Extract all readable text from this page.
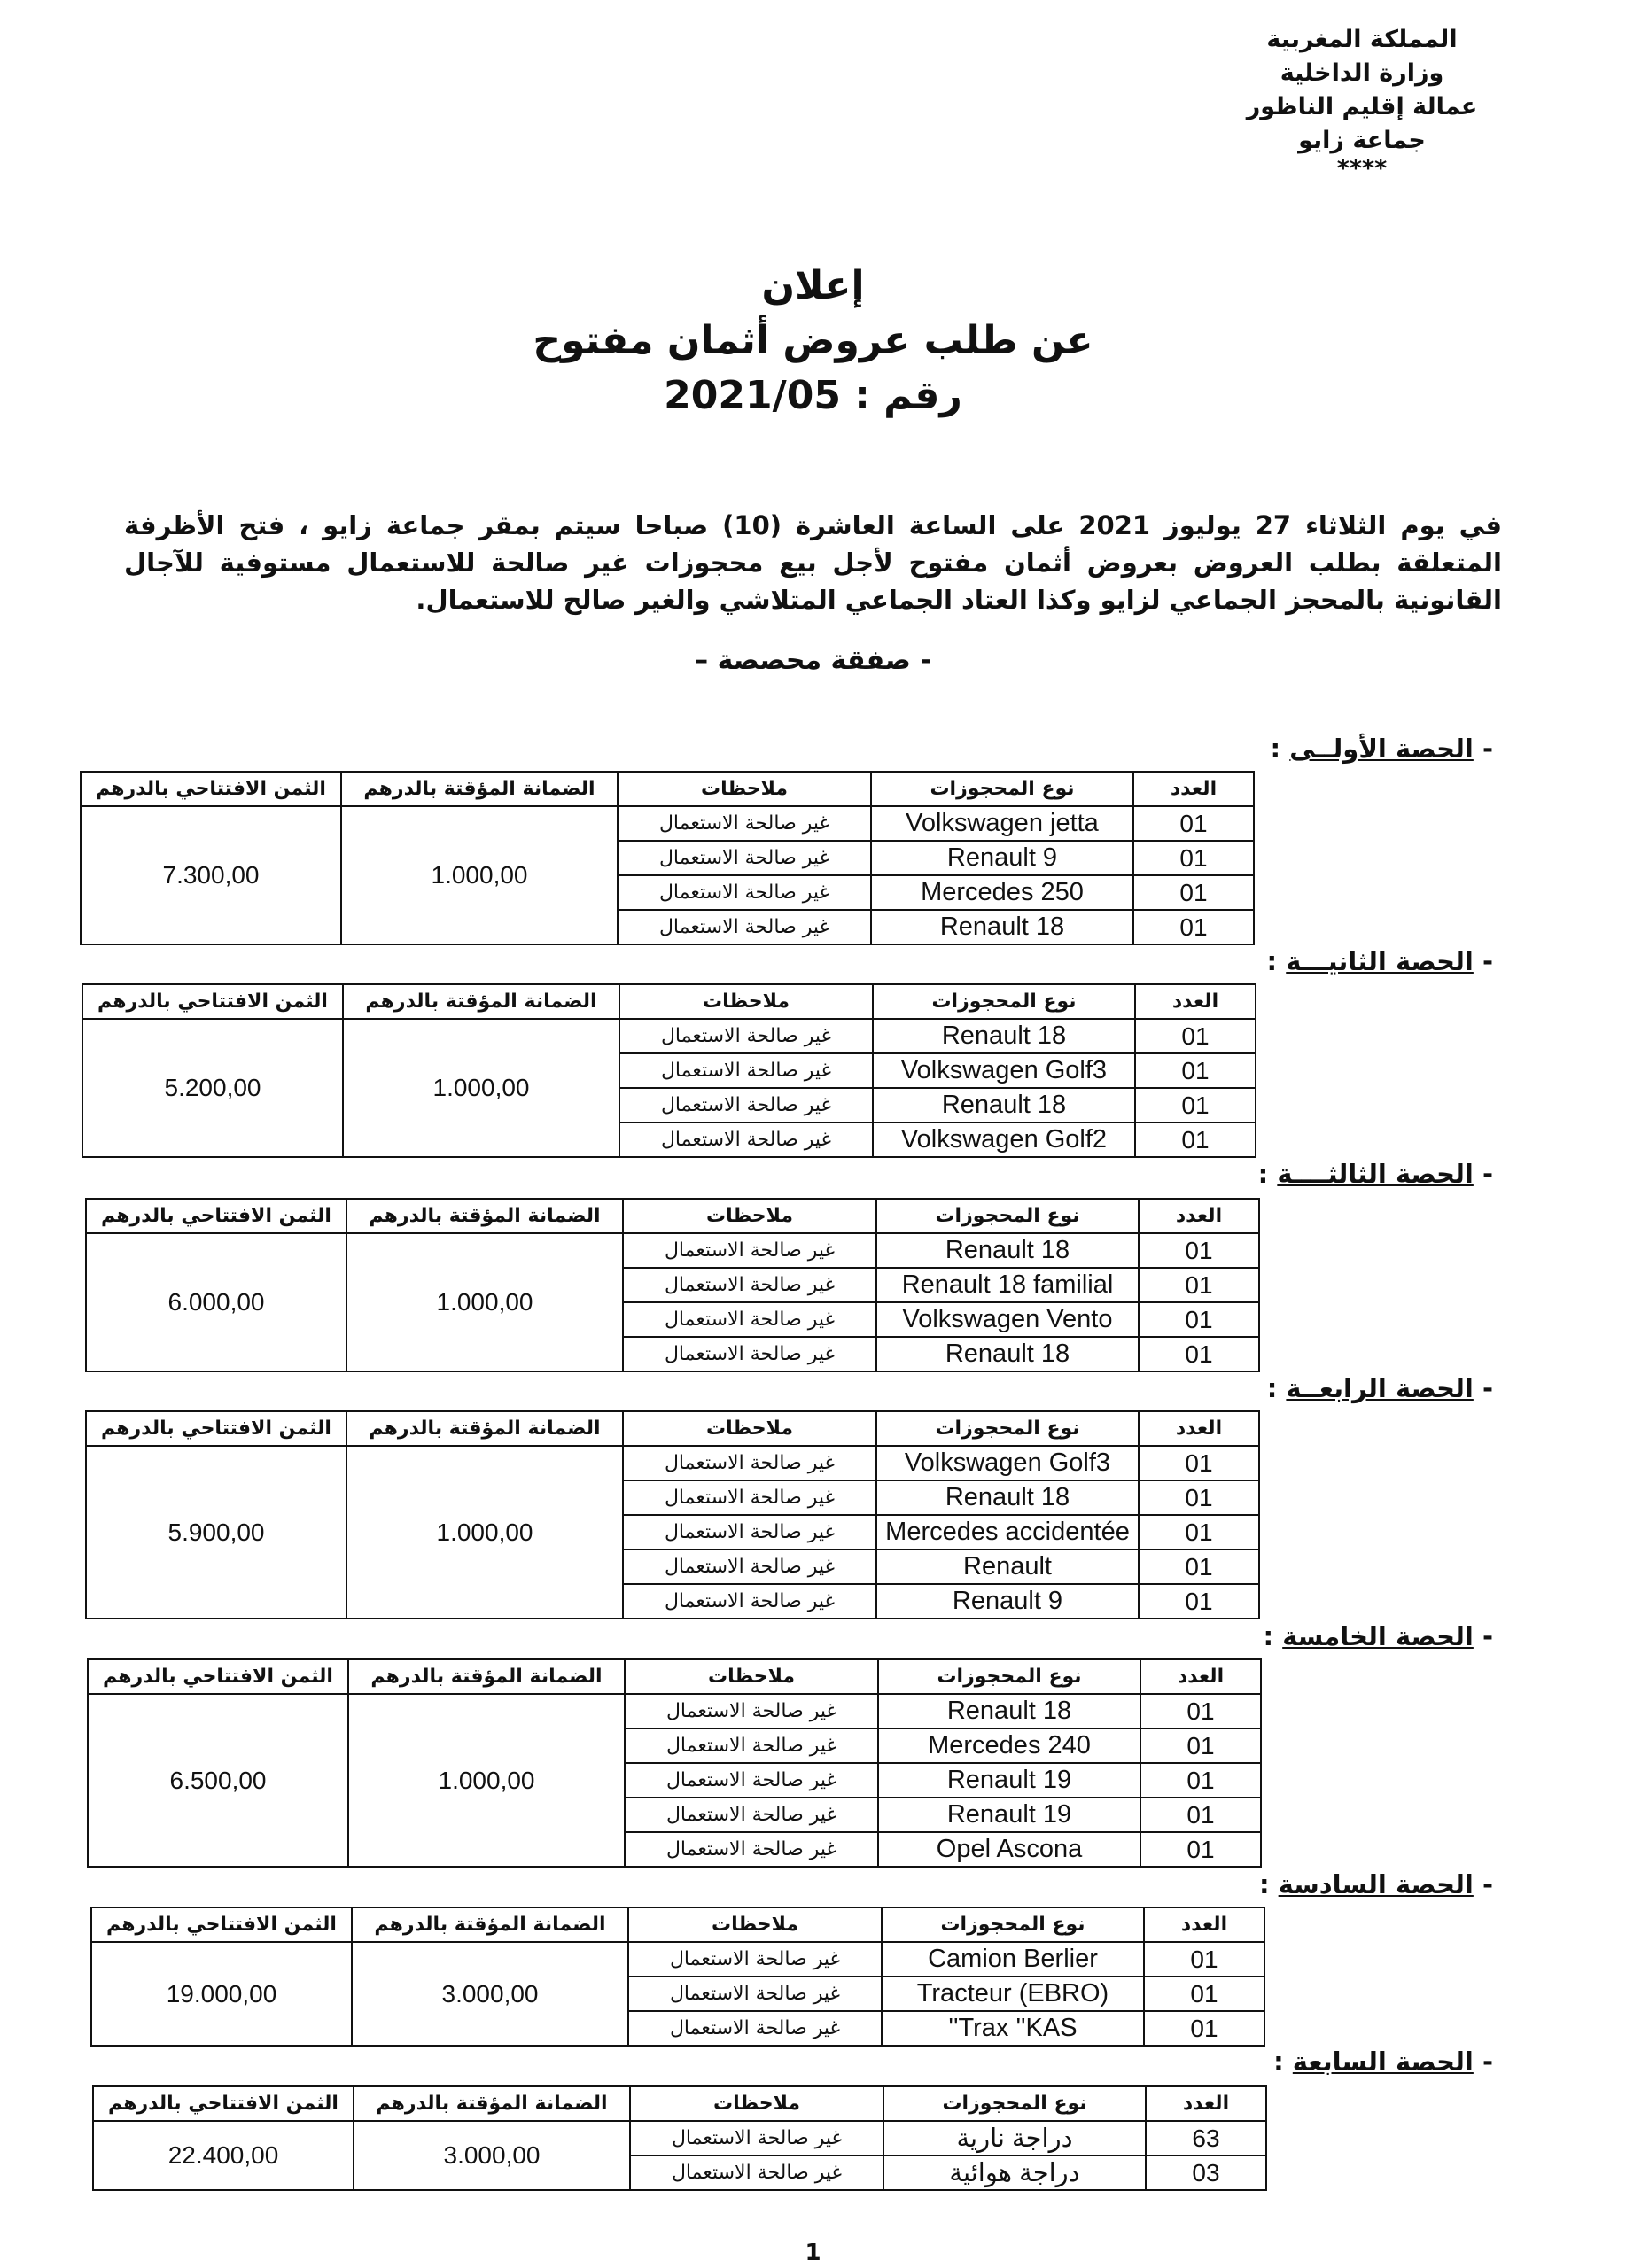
المملكة المغربية
وزارة الداخلية
عمالة إقليم الناظور
جماعة زايو
****
إعلان
عن طلب عروض أثمان مفتوح
رقم : 2021/05
في يوم الثلاثاء 27 يوليوز 2021 على الساعة العاشرة (10) صباحا سيتم بمقر جماعة زايو ، فتح الأظرفة المتعلقة بطلب العروض بعروض أثمان مفتوح لأجل بيع محجوزات غير صالحة للاستعمال مستوفية للآجال القانونية بالمحجز الجماعي لزايو وكذا العتاد الجماعي المتلاشي والغير صالح للاستعمال.
- صفقة محصصة –
- الحصة الأولــى :
العدد	نوع المحجوزات	ملاحظات	الضمانة المؤقتة بالدرهم	الثمن الافتتاحي بالدرهم
01	Volkswagen jetta	غير صالحة الاستعمال	1.000,00	7.300,00
01	Renault 9	غير صالحة الاستعمال		
01	Mercedes 250	غير صالحة الاستعمال		
01	Renault 18	غير صالحة الاستعمال		
- الحصة الثانيـــة :
العدد	نوع المحجوزات	ملاحظات	الضمانة المؤقتة بالدرهم	الثمن الافتتاحي بالدرهم
01	Renault 18	غير صالحة الاستعمال	1.000,00	5.200,00
01	Volkswagen Golf3	غير صالحة الاستعمال		
01	Renault 18	غير صالحة الاستعمال		
01	Volkswagen Golf2	غير صالحة الاستعمال		
- الحصة الثالثــــة :
العدد	نوع المحجوزات	ملاحظات	الضمانة المؤقتة بالدرهم	الثمن الافتتاحي بالدرهم
01	Renault 18	غير صالحة الاستعمال	1.000,00	6.000,00
01	Renault 18 familial	غير صالحة الاستعمال		
01	Volkswagen Vento	غير صالحة الاستعمال		
01	Renault 18	غير صالحة الاستعمال		
- الحصة الرابعــة :
العدد	نوع المحجوزات	ملاحظات	الضمانة المؤقتة بالدرهم	الثمن الافتتاحي بالدرهم
01	Volkswagen Golf3	غير صالحة الاستعمال	1.000,00	5.900,00
01	Renault 18	غير صالحة الاستعمال		
01	Mercedes accidentée	غير صالحة الاستعمال		
01	Renault	غير صالحة الاستعمال		
01	Renault 9	غير صالحة الاستعمال		
- الحصة الخامسة :
العدد	نوع المحجوزات	ملاحظات	الضمانة المؤقتة بالدرهم	الثمن الافتتاحي بالدرهم
01	Renault 18	غير صالحة الاستعمال	1.000,00	6.500,00
01	Mercedes 240	غير صالحة الاستعمال		
01	Renault 19	غير صالحة الاستعمال		
01	Renault 19	غير صالحة الاستعمال		
01	Opel Ascona	غير صالحة الاستعمال		
- الحصة السادسة :
العدد	نوع المحجوزات	ملاحظات	الضمانة المؤقتة بالدرهم	الثمن الافتتاحي بالدرهم
01	Camion Berlier	غير صالحة الاستعمال	3.000,00	19.000,00
01	Tracteur (EBRO)	غير صالحة الاستعمال		
01	Trax ''KAS''	غير صالحة الاستعمال		
- الحصة السابعة :
العدد	نوع المحجوزات	ملاحظات	الضمانة المؤقتة بالدرهم	الثمن الافتتاحي بالدرهم
63	دراجة نارية	غير صالحة الاستعمال	3.000,00	22.400,00
03	دراجة هوائية	غير صالحة الاستعمال		
1
